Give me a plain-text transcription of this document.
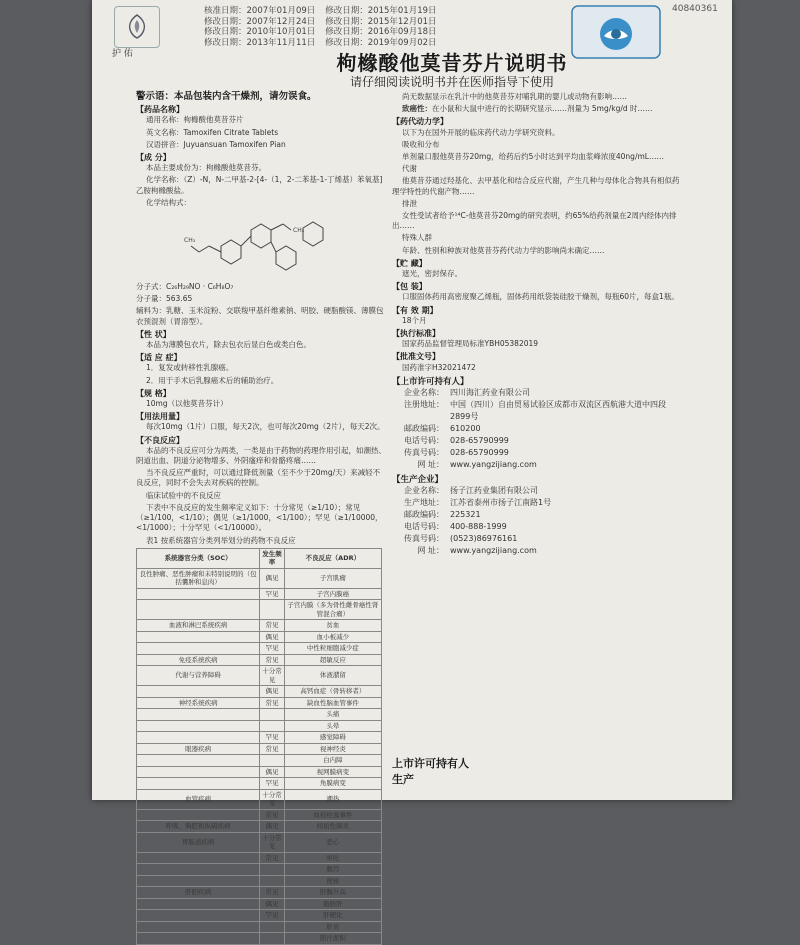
护 佑
核准日期：2007年01月09日 修改日期：2015年01月19日
修改日期：2007年12月24日 修改日期：2015年12月01日
修改日期：2010年10月01日 修改日期：2016年09月18日
修改日期：2013年11月11日 修改日期：2019年09月02日
40840361
枸橼酸他莫昔芬片说明书
请仔细阅读说明书并在医师指导下使用
警示语：本品包装内含干燥剂，请勿误食。
【药品名称】
通用名称：枸橼酸他莫昔芬片
英文名称：Tamoxifen Citrate Tablets
汉语拼音：Juyuansuan Tamoxifen Pian
【成 分】
本品主要成份为：枸橼酸他莫昔芬。
化学名称：（Z）-N，N-二甲基-2-[4-（1，2-二苯基-1-丁烯基）苯氧基]乙胺枸橼酸盐。
化学结构式：
CH₃
CH₃
分子式：C₂₆H₂₉NO · C₆H₈O₇
分子量：563.65
辅料为：乳糖、玉米淀粉、交联羧甲基纤维素钠、明胶、硬脂酸镁、薄膜包衣预混剂（胃溶型）。
【性 状】
本品为薄膜包衣片，除去包衣后显白色或类白色。
【适 应 症】
1．复发或转移性乳腺癌。
2．用于手术后乳腺癌术后的辅助治疗。
【规 格】
10mg（以他莫昔芬计）
【用法用量】
每次10mg（1片）口服，每天2次，也可每次20mg（2片），每天2次。
【不良反应】
本品的不良反应可分为两类，一类是由于药物的药理作用引起，如潮热、阴道出血、阴道分泌物增多、外阴瘙痒和骨骼疼痛……
当不良反应严重时，可以通过降低剂量（至不少于20mg/天）来减轻不良反应，同时不会失去对疾病的控制。
临床试验中的不良反应
下表中不良反应的发生频率定义如下：十分常见（≥1/10）；常见（≥1/100，<1/10）；偶见（≥1/1000，<1/100）；罕见（≥1/10000，<1/1000）；十分罕见（<1/10000）。
表1 按系统器官分类列举划分的药物不良反应
系统器官分类（SOC）	发生频率	不良反应（ADR）
良性肿瘤、恶性肿瘤和未特别说明的（包括囊肿和息肉）	偶见	子宫肌瘤
	罕见	子宫内膜癌
		子宫内膜（多为骨性雌骨癌性肾管混合瘤）
血液和淋巴系统疾病	常见	贫血
	偶见	血小板减少
	罕见	中性粒细胞减少症
免疫系统疾病	常见	超敏反应
代谢与营养障碍	十分常见	体液潴留
	偶见	高钙血症（骨转移者）
神经系统疾病	常见	缺血性脑血管事件
		头痛
		头晕
	罕见	感觉障碍
眼器疾病	常见	视神经炎
		白内障
	偶见	视网膜病变
	罕见	角膜病变
血管疾病	十分常见	潮热
	常见	血栓栓塞事件
呼吸、胸腔和纵隔疾病	偶见	间质性肺炎
胃肠道疾病	十分常见	恶心
	常见	呕吐
		腹泻
		便秘
肝胆疾病	常见	肝酶升高
	偶见	脂肪肝
	罕见	肝硬化
		肝炎
		胆汁淤积
尚无数据显示在乳汁中的他莫昔芬对哺乳期的婴儿或动物有影响……
致癌性：在小鼠和大鼠中进行的长期研究显示……剂量为 5mg/kg/d 时……
【药代动力学】
以下为在国外开展的临床药代动力学研究资料。
吸收和分布
单剂量口服他莫昔芬20mg，给药后约5小时达到平均血浆峰浓度40ng/mL……
代谢
他莫昔芬通过羟基化、去甲基化和结合反应代谢，产生几种与母体化合物具有相似药理学特性的代谢产物……
排泄
女性受试者给予¹⁴C-他莫昔芬20mg的研究表明，约65%给药剂量在2周内经体内排出……
特殊人群
年龄、性别和种族对他莫昔芬药代动力学的影响尚未确定……
【贮 藏】
遮光，密封保存。
【包 装】
口服固体药用高密度聚乙烯瓶，固体药用纸袋装硅胶干燥剂，每瓶60片，每盒1瓶。
【有 效 期】
18个月
【执行标准】
国家药品监督管理局标准YBH05382019
【批准文号】
国药准字H32021472
【上市许可持有人】
企业名称： 四川海汇药业有限公司
注册地址： 中国（四川）自由贸易试验区成都市双流区西航港大道中四段2899号
邮政编码： 610200
电话号码： 028-65790999
传真号码： 028-65790999
网 址： www.yangzijiang.com
【生产企业】
企业名称： 扬子江药业集团有限公司
生产地址： 江苏省泰州市扬子江南路1号
邮政编码： 225321
电话号码： 400-888-1999
传真号码： (0523)86976161
网 址： www.yangzijiang.com
上市许可持有人
生产
